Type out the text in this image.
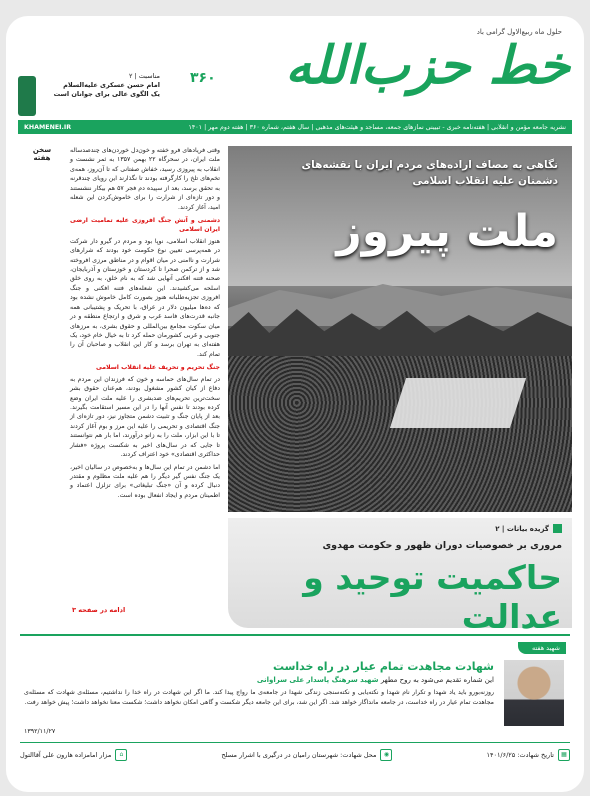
حلول ماه ربیع‌الاول گرامی باد
خط حزب‌الله
۳۶۰
مناسبت | ۲
امام حسن عسکری علیه‌السلام
یک الگوی عالی برای جوانان است
نشریه جامعه مؤمن و انقلابی | هفته‌نامه خبری - تبیینی نمازهای جمعه، مساجد و هیئت‌های مذهبی | سال هفتم، شماره ۳۶۰ | هفته دوم مهر | ۱۴۰۱
KHAMENEI.IR
سخن
هفته

وقتی فریادهای فرو خفته و خون‌دل خوردن‌های چندصدساله ملت ایران، در سحرگاه ۲۲ بهمن ۱۳۵۷ به ثمر نشست و انقلاب به پیروزی رسید، خفاش صفتانی که تا آن‌روز، همه‌ی تخم‌های تلخ را کارگرفته بودند تا نگذارند این رویای چندقرنه به تحقق برسد، بعد از سپیده دم فجر ۵۷ هم بیکار ننشستند و دور تازه‌ای از شرارت را برای خاموش‌کردن این شعله امید، آغاز کردند.

دشمنی و آتش جنگ افروزی علیه تمامیت ارضی ایران اسلامی

هنوز انقلاب اسلامی، نوپا بود و مردم در گیرو دار شرکت در همه‌پرسی تعیین نوع حکومت خود بودند که شرارهای شرارت و ناامنی در میان اقوام و در مناطق مرزی افروخته شد و از ترکمن صحرا تا کردستان و خوزستان و آذربایجان، صحنه فتنه افکنی آنهایی شد که به نام خلق، به روی خلق اسلحه می‌کشیدند. این شعله‌های فتنه افکنی و جنگ افروزی تجزیه‌طلبانه هنوز بصورت کامل خاموش نشده بود که ده‌ها میلیون دلار در عراق، با تحریک و پشتیبانی همه جانبه قدرت‌های فاسد غرب و شرق و ارتجاع منطقه و در میان سکوت مجامع بین‌المللی و حقوق بشری، به مرزهای جنوبی و غربی کشورمان حمله کرد تا به خیال خام خود، یک هفته‌ای به تهران برسد و کار این انقلاب و صاحبان آن را تمام کند.

جنگ تحریم و تحریف علیه انقلاب اسلامی

در تمام سال‌های حماسه و خون که فرزندان این مردم به دفاع از کیان کشور مشغول بودند، هم‌عنان حقوق بشر سخت‌ترین تحریم‌های ضدبشری را علیه ملت ایران وضع کرده بودند تا نفس آنها را در این مسیر استقامت بگیرند. بعد از پایان جنگ و تثبیت دشمن متجاوز نیز، دور تازه‌ای از جنگ اقتصادی و تحریمی را علیه این مرز و بوم آغاز کردند تا با این ابزار، ملت را به زانو درآورند، اما بار هم نتوانستند تا جایی که در سال‌های اخیر به شکست پروژه «فشار حداکثری اقتصادی» خود اعتراف کردند.

اما دشمن در تمام این سال‌ها و به‌خصوص در سالیان اخیر، یک جنگ نفس گیر دیگر را هم علیه ملت مظلوم و مقتدر دنبال کرده و آن «جنگ تبلیغاتی» برای تزلزل اعتماد و اطمینان مردم و ایجاد انفعال بوده است.

نگاهی به مصاف اراده‌های مردم ایران با نقشه‌های دشمنان علیه انقلاب اسلامی
ملت پیروز
گزیده بیانات | ۲
مروری بر خصوصیات دوران ظهور و حکومت مهدوی
حاکمیت توحید و عدالت
ادامه در صفحه ۳
شهید هفته
شهادت مجاهدت تمام عیار در راه خداست
این شماره تقدیم می‌شود به روح مطهر شهید سرهنگ پاسدار علی سراوانی
روزنه‌بورو باید یاد شهدا و تکرار نام شهدا و نکته‌یابی و نکته‌سنجی زندگی شهدا در جامعه‌ی ما رواج پیدا کند. ما اگر این شهادت در راه خدا را نداشتیم، مسئله‌ی شهادت که مسئله‌ی مجاهدت تمام عیار در راه خداست، در جامعه مانداگار خواهد شد. اگر این شد، برای این جامعه دیگر شکست و گاهی امکان نخواهد داشت؛ شکست معنا نخواهد داشت؛ پیش خواهد رفت.
۱۳۹۲/۱۱/۲۷
▦
تاریخ شهادت: ۱۴۰۱/۶/۲۵
◉
محل شهادت: شهرستان رامیان در درگیری با اشرار مسلح
⌂
مزار امامزاده هارون علی آقا‌التول
